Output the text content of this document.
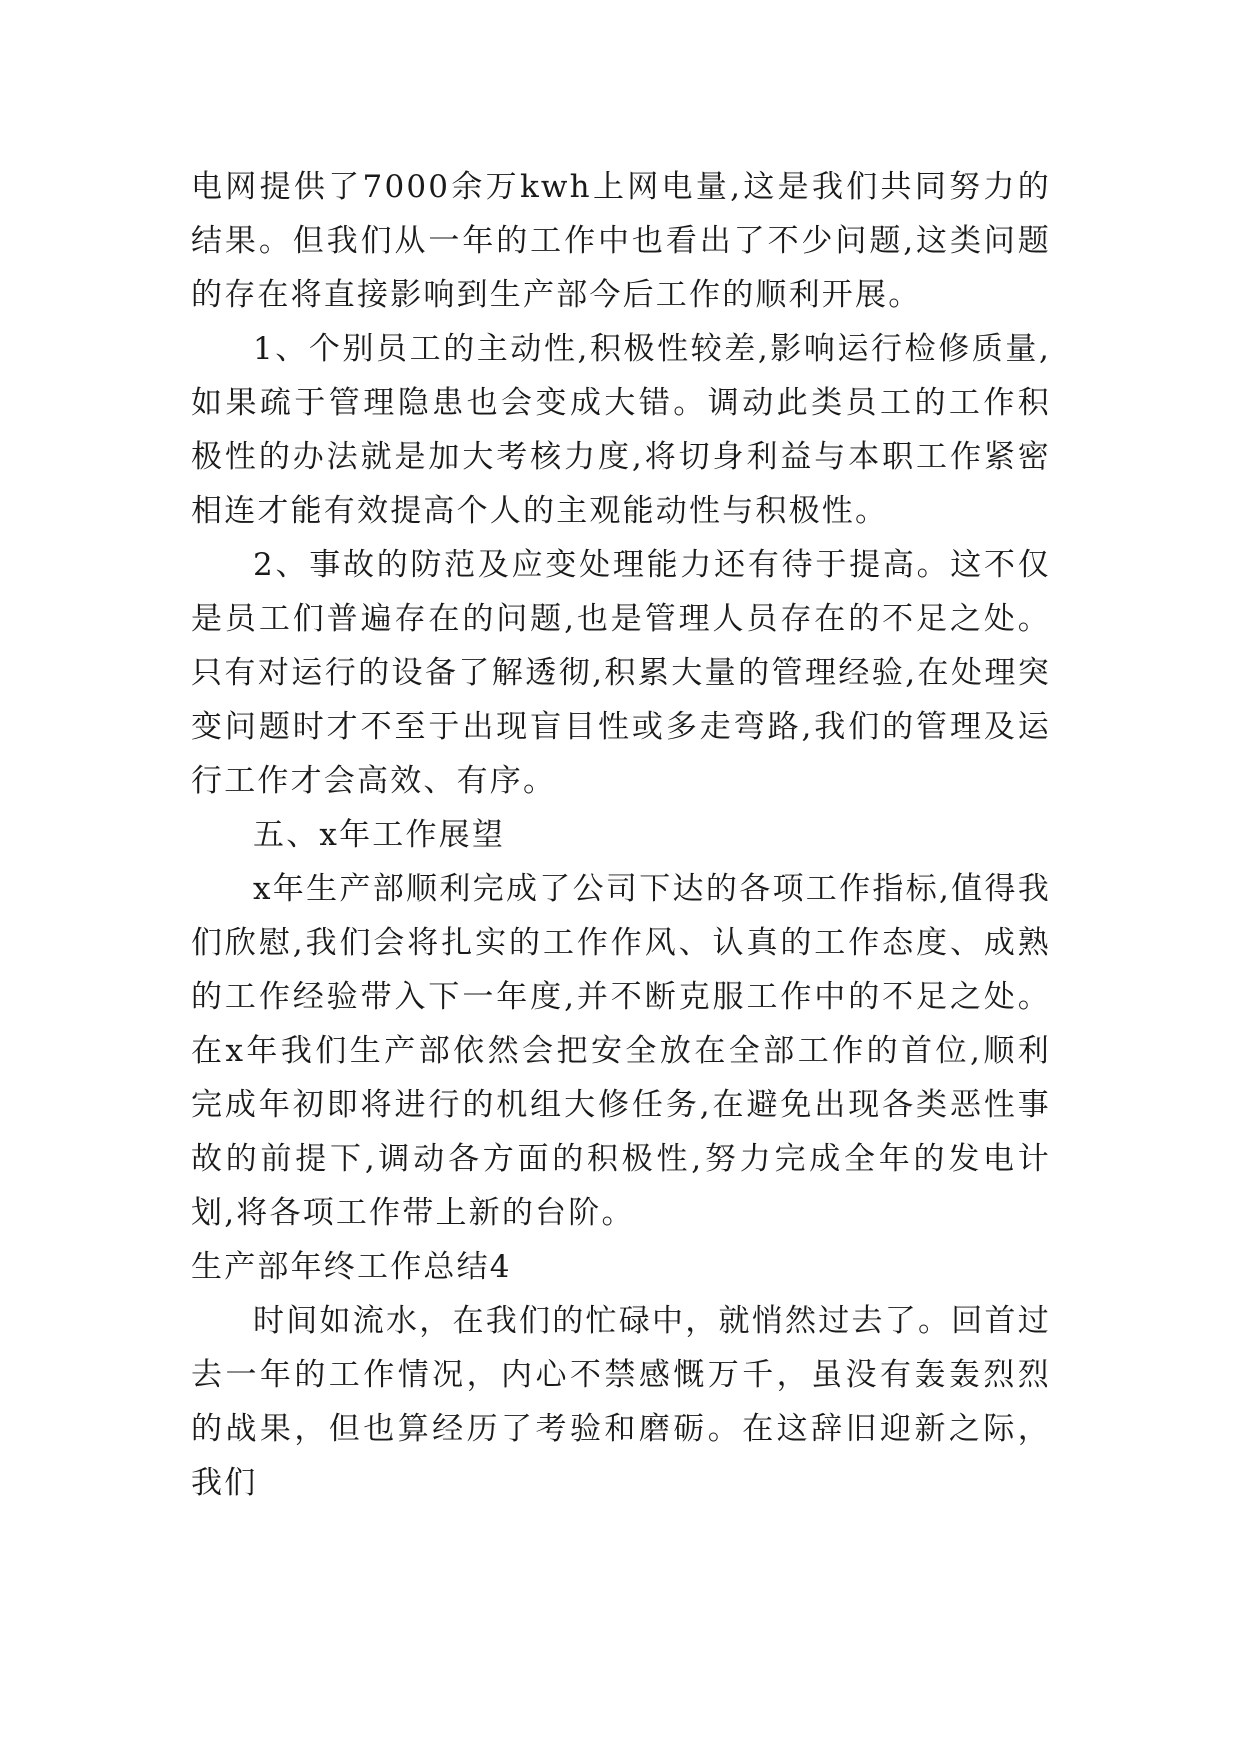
电网提供了7000余万kwh上网电量,这是我们共同努力的结果。但我们从一年的工作中也看出了不少问题,这类问题的存在将直接影响到生产部今后工作的顺利开展。

1、个别员工的主动性,积极性较差,影响运行检修质量,如果疏于管理隐患也会变成大错。调动此类员工的工作积极性的办法就是加大考核力度,将切身利益与本职工作紧密相连才能有效提高个人的主观能动性与积极性。

2、事故的防范及应变处理能力还有待于提高。这不仅是员工们普遍存在的问题,也是管理人员存在的不足之处。只有对运行的设备了解透彻,积累大量的管理经验,在处理突变问题时才不至于出现盲目性或多走弯路,我们的管理及运行工作才会高效、有序。

五、x年工作展望

x年生产部顺利完成了公司下达的各项工作指标,值得我们欣慰,我们会将扎实的工作作风、认真的工作态度、成熟的工作经验带入下一年度,并不断克服工作中的不足之处。在x年我们生产部依然会把安全放在全部工作的首位,顺利完成年初即将进行的机组大修任务,在避免出现各类恶性事故的前提下,调动各方面的积极性,努力完成全年的发电计划,将各项工作带上新的台阶。

生产部年终工作总结4

时间如流水，在我们的忙碌中，就悄然过去了。回首过去一年的工作情况，内心不禁感慨万千，虽没有轰轰烈烈的战果，但也算经历了考验和磨砺。在这辞旧迎新之际，我们
